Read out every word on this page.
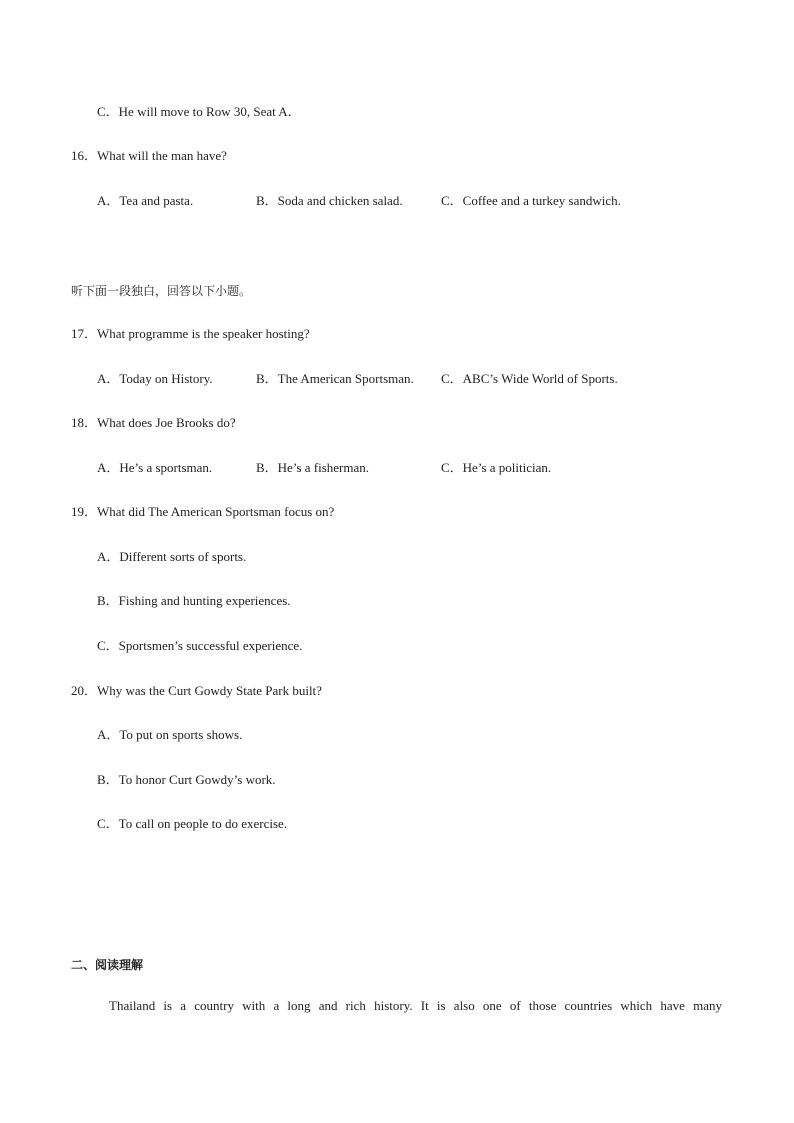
C．He will move to Row 30, Seat A．
16．What will the man have?
A．Tea and pasta.	B．Soda and chicken salad.	C．Coffee and a turkey sandwich.
听下面一段独白，回答以下小题。
17．What programme is the speaker hosting?
A．Today on History.	B．The American Sportsman. C．ABC’s Wide World of Sports.
18．What does Joe Brooks do?
A．He’s a sportsman.	B．He’s a fisherman.	C．He’s a politician.
19．What did The American Sportsman focus on?
A．Different sorts of sports.
B．Fishing and hunting experiences.
C．Sportsmen’s successful experience.
20．Why was the Curt Gowdy State Park built?
A．To put on sports shows.
B．To honor Curt Gowdy’s work.
C．To call on people to do exercise.
二、阅读理解
Thailand is a country with a long and rich history. It is also one of those countries which have many
